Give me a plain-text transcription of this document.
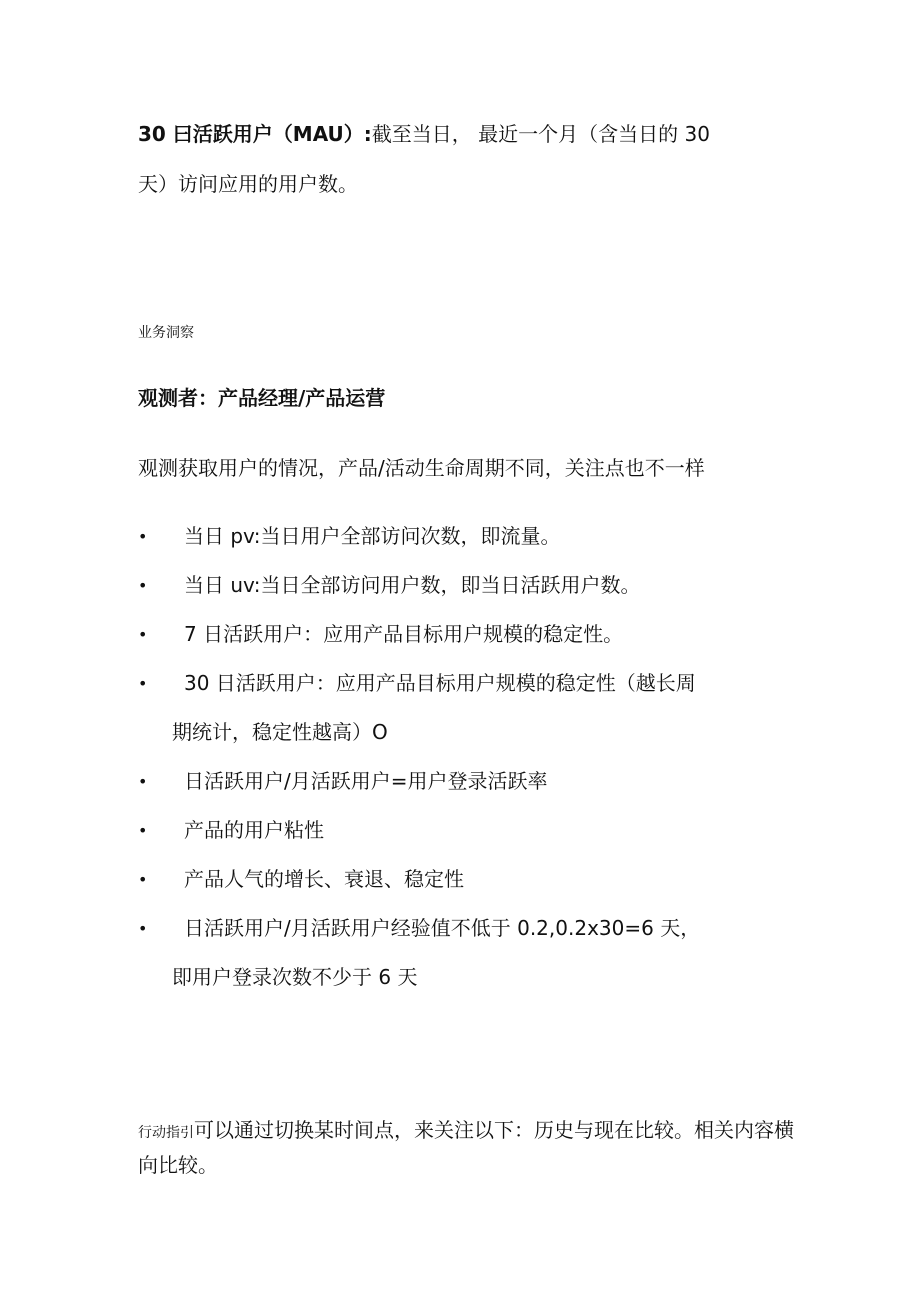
30 曰活跃用户（MAU）:截至当日， 最近一个月（含当日的 30
天）访问应用的用户数。

业务洞察

观测者：产品经理/产品运营

观测获取用户的情况，产品/活动生命周期不同，关注点也不一样

• 当日 pv:当日用户全部访问次数，即流量。
• 当日 uv:当日全部访问用户数，即当日活跃用户数。
• 7 日活跃用户：应用产品目标用户规模的稳定性。
• 30 日活跃用户：应用产品目标用户规模的稳定性（越长周
期统计，稳定性越高）O
• 日活跃用户/月活跃用户=用户登录活跃率
• 产品的用户粘性
• 产品人气的增长、衰退、稳定性
• 日活跃用户/月活跃用户经验值不低于 0.2,0.2x30=6 天，
即用户登录次数不少于 6 天

行动指引可以通过切换某时间点，来关注以下：历史与现在比较。相关内容横向比较。
